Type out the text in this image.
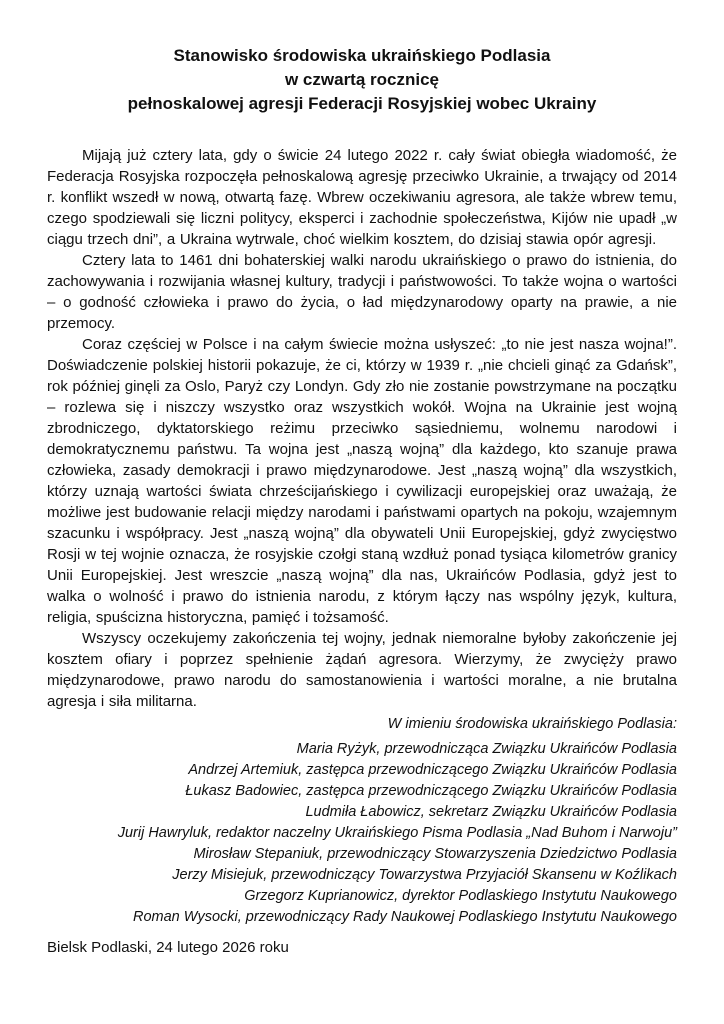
Stanowisko środowiska ukraińskiego Podlasia
w czwartą rocznicę
pełnoskalowej agresji Federacji Rosyjskiej wobec Ukrainy

Mijają już cztery lata, gdy o świcie 24 lutego 2022 r. cały świat obiegła wiadomość, że Federacja Rosyjska rozpoczęła pełnoskalową agresję przeciwko Ukrainie, a trwający od 2014 r. konflikt wszedł w nową, otwartą fazę. Wbrew oczekiwaniu agresora, ale także wbrew temu, czego spodziewali się liczni politycy, eksperci i zachodnie społeczeństwa, Kijów nie upadł „w ciągu trzech dni”, a Ukraina wytrwale, choć wielkim kosztem, do dzisiaj stawia opór agresji.

Cztery lata to 1461 dni bohaterskiej walki narodu ukraińskiego o prawo do istnienia, do zachowywania i rozwijania własnej kultury, tradycji i państwowości. To także wojna o wartości – o godność człowieka i prawo do życia, o ład międzynarodowy oparty na prawie, a nie przemocy.

Coraz częściej w Polsce i na całym świecie można usłyszeć: „to nie jest nasza wojna!”. Doświadczenie polskiej historii pokazuje, że ci, którzy w 1939 r. „nie chcieli ginąć za Gdańsk”, rok później ginęli za Oslo, Paryż czy Londyn. Gdy zło nie zostanie powstrzymane na początku – rozlewa się i niszczy wszystko oraz wszystkich wokół. Wojna na Ukrainie jest wojną zbrodniczego, dyktatorskiego reżimu przeciwko sąsiedniemu, wolnemu narodowi i demokratycznemu państwu. Ta wojna jest „naszą wojną” dla każdego, kto szanuje prawa człowieka, zasady demokracji i prawo międzynarodowe. Jest „naszą wojną” dla wszystkich, którzy uznają wartości świata chrześcijańskiego i cywilizacji europejskiej oraz uważają, że możliwe jest budowanie relacji między narodami i państwami opartych na pokoju, wzajemnym szacunku i współpracy. Jest „naszą wojną” dla obywateli Unii Europejskiej, gdyż zwycięstwo Rosji w tej wojnie oznacza, że rosyjskie czołgi staną wzdłuż ponad tysiąca kilometrów granicy Unii Europejskiej. Jest wreszcie „naszą wojną” dla nas, Ukraińców Podlasia, gdyż jest to walka o wolność i prawo do istnienia narodu, z którym łączy nas wspólny język, kultura, religia, spuścizna historyczna, pamięć i tożsamość.

Wszyscy oczekujemy zakończenia tej wojny, jednak niemoralne byłoby zakończenie jej kosztem ofiary i poprzez spełnienie żądań agresora. Wierzymy, że zwycięży prawo międzynarodowe, prawo narodu do samostanowienia i wartości moralne, a nie brutalna agresja i siła militarna.

W imieniu środowiska ukraińskiego Podlasia:
Maria Ryżyk, przewodnicząca Związku Ukraińców Podlasia
Andrzej Artemiuk, zastępca przewodniczącego Związku Ukraińców Podlasia
Łukasz Badowiec, zastępca przewodniczącego Związku Ukraińców Podlasia
Ludmiła Łabowicz, sekretarz Związku Ukraińców Podlasia
Jurij Hawryluk, redaktor naczelny Ukraińskiego Pisma Podlasia „Nad Buhom i Narwoju”
Mirosław Stepaniuk, przewodniczący Stowarzyszenia Dziedzictwo Podlasia
Jerzy Misiejuk, przewodniczący Towarzystwa Przyjaciół Skansenu w Koźlikach
Grzegorz Kuprianowicz, dyrektor Podlaskiego Instytutu Naukowego
Roman Wysocki, przewodniczący Rady Naukowej Podlaskiego Instytutu Naukowego
Bielsk Podlaski, 24 lutego 2026 roku
